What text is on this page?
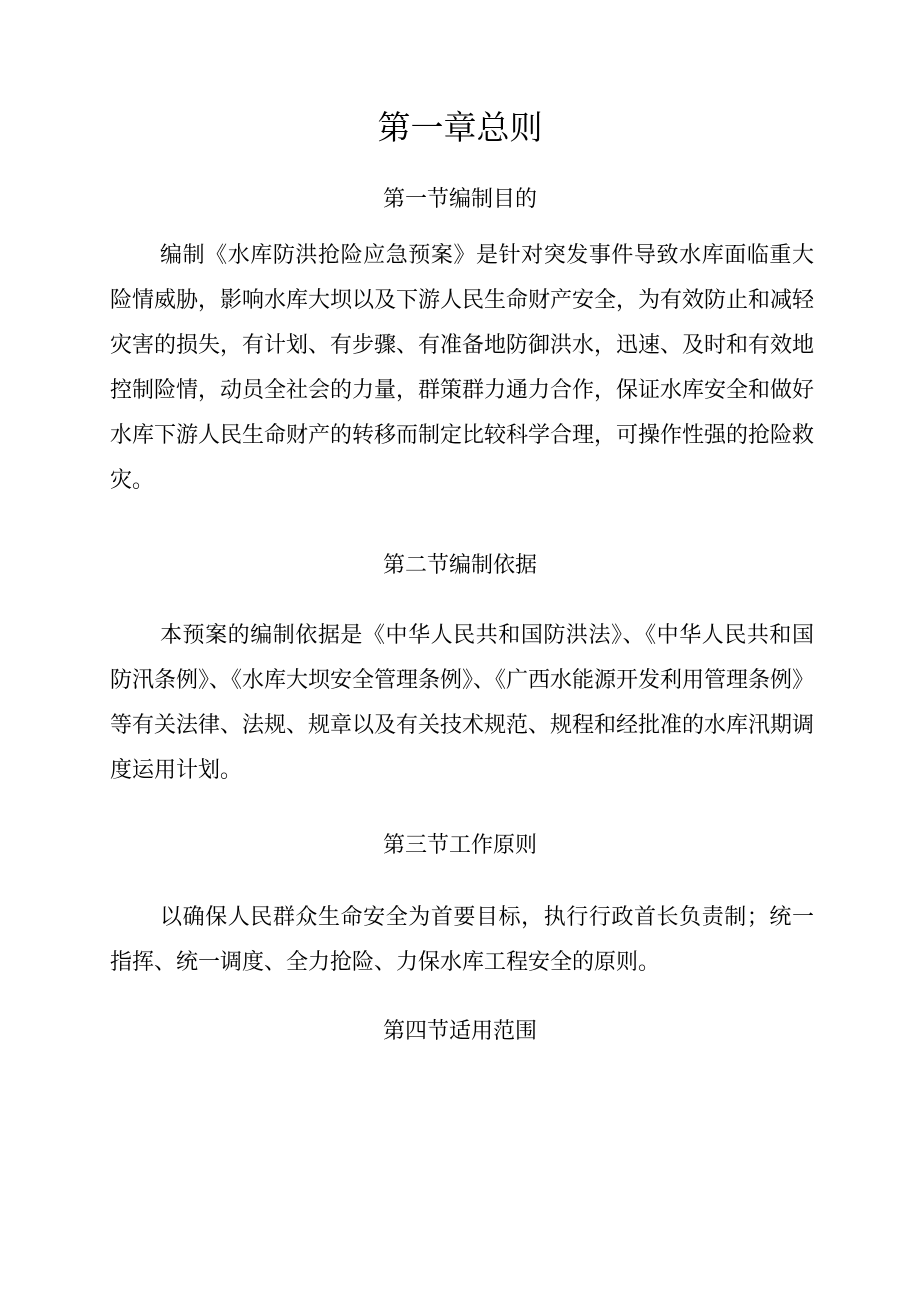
第一章总则
第一节编制目的

编制《水库防洪抢险应急预案》是针对突发事件导致水库面临重大险情威胁，影响水库大坝以及下游人民生命财产安全，为有效防止和减轻灾害的损失，有计划、有步骤、有准备地防御洪水，迅速、及时和有效地控制险情，动员全社会的力量，群策群力通力合作，保证水库安全和做好水库下游人民生命财产的转移而制定比较科学合理，可操作性强的抢险救灾。

第二节编制依据

本预案的编制依据是《中华人民共和国防洪法》、《中华人民共和国防汛条例》、《水库大坝安全管理条例》、《广西水能源开发利用管理条例》等有关法律、法规、规章以及有关技术规范、规程和经批准的水库汛期调度运用计划。

第三节工作原则

以确保人民群众生命安全为首要目标，执行行政首长负责制；统一指挥、统一调度、全力抢险、力保水库工程安全的原则。

第四节适用范围
